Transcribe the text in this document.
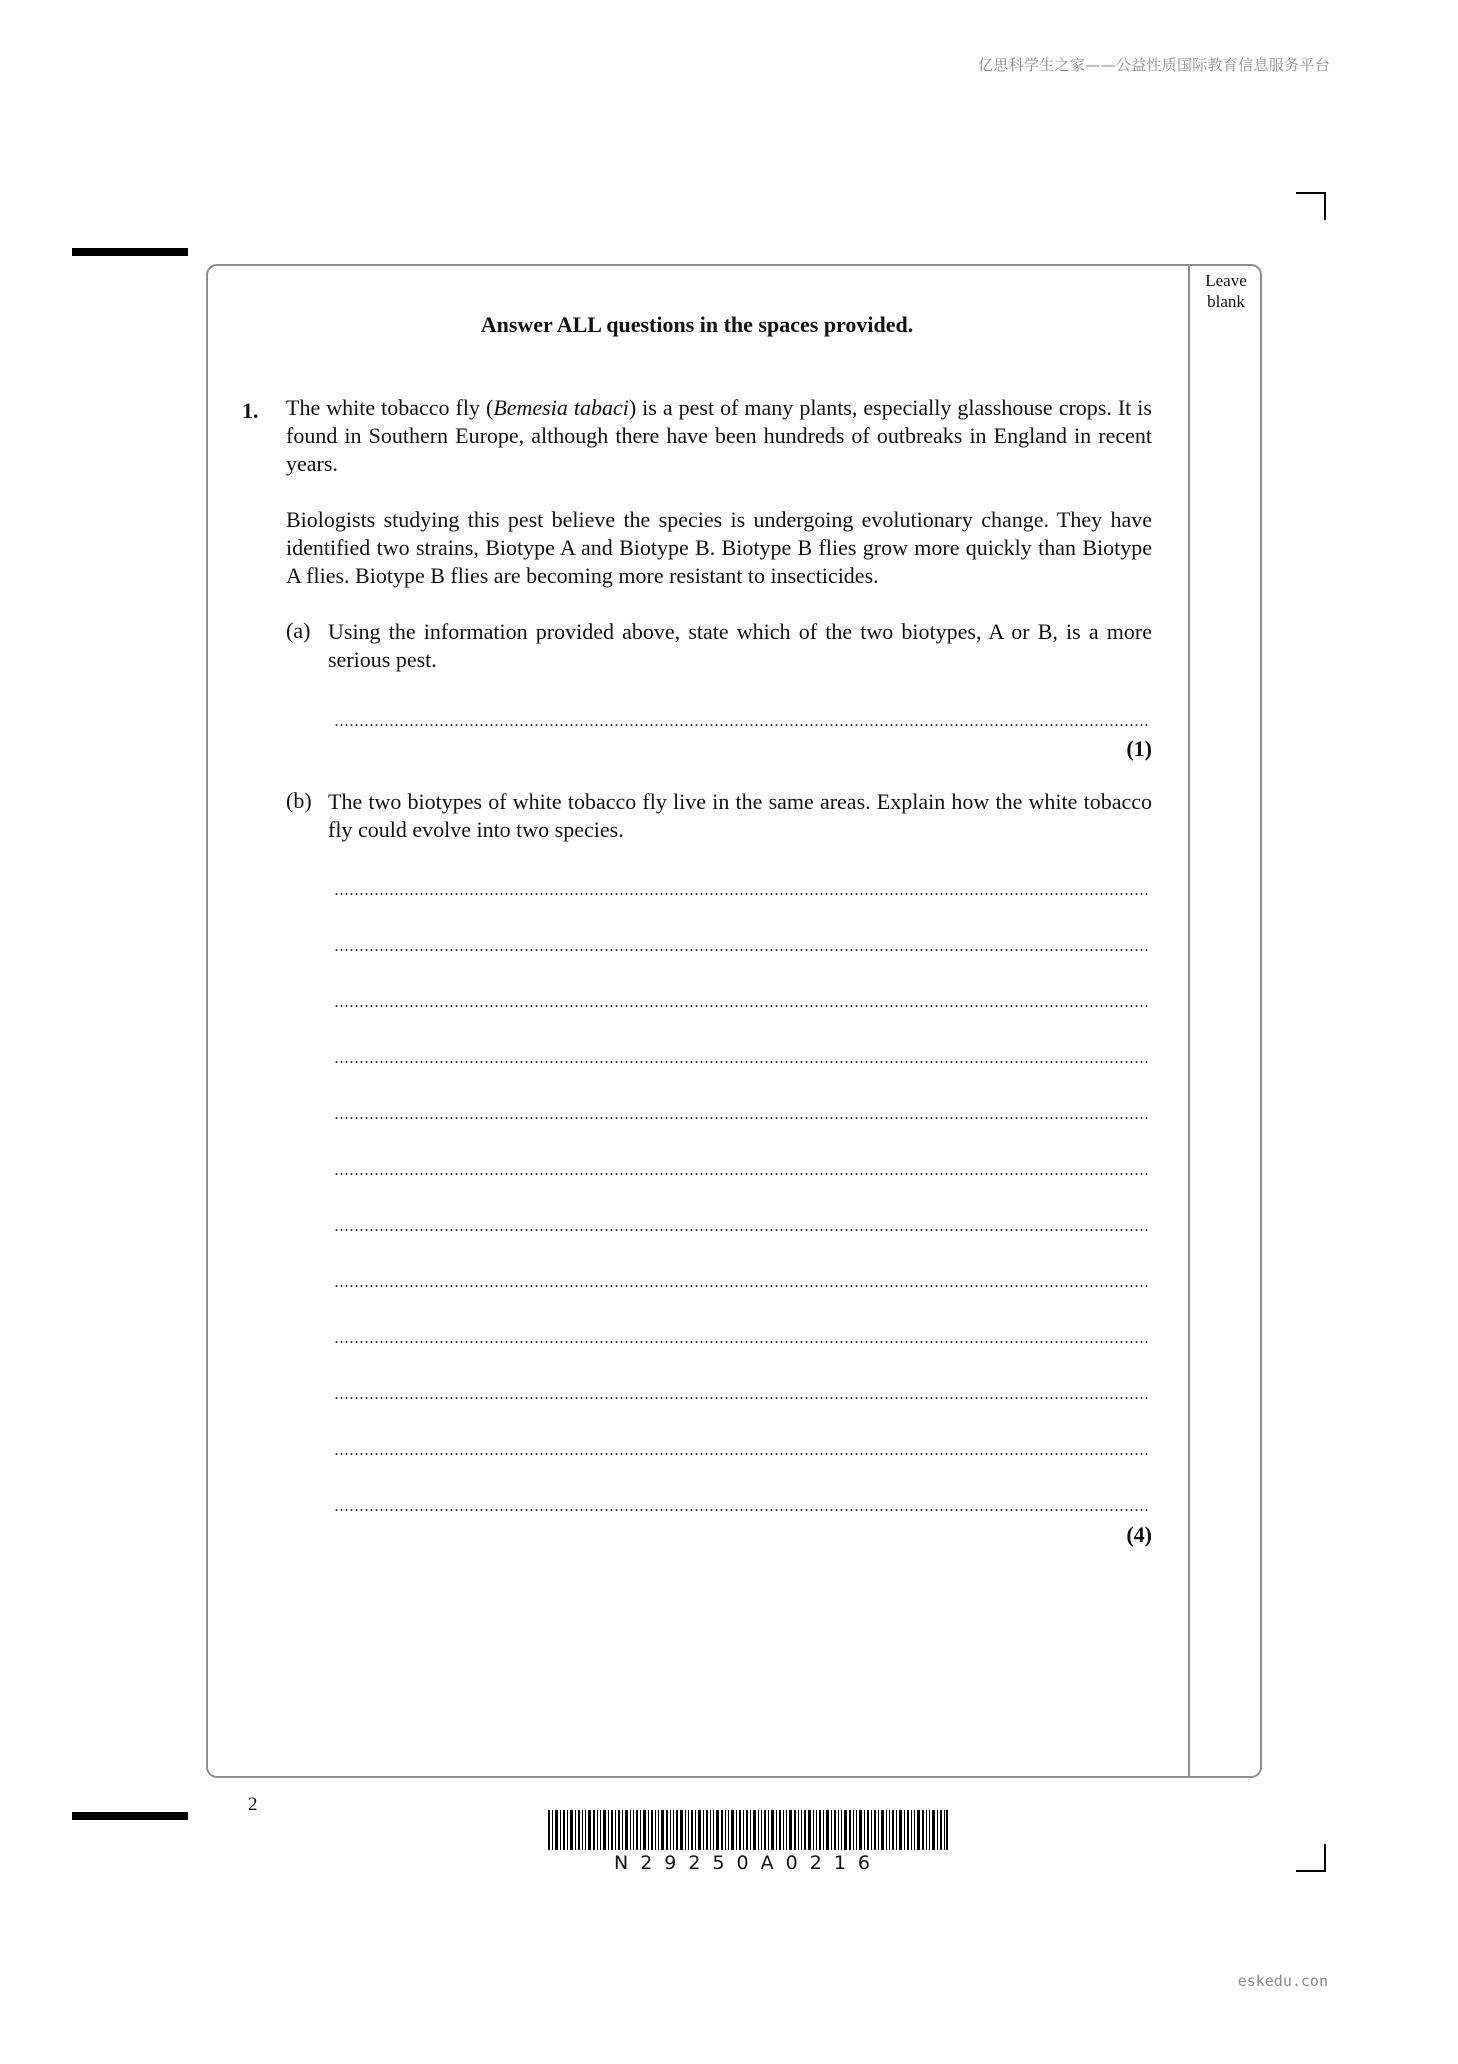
亿思科学生之家——公益性质国际教育信息服务平台
Leave blank
Answer ALL questions in the spaces provided.
1. The white tobacco fly (Bemesia tabaci) is a pest of many plants, especially glasshouse crops. It is found in Southern Europe, although there have been hundreds of outbreaks in England in recent years.

Biologists studying this pest believe the species is undergoing evolutionary change. They have identified two strains, Biotype A and Biotype B. Biotype B flies grow more quickly than Biotype A flies. Biotype B flies are becoming more resistant to insecticides.

(a) Using the information provided above, state which of the two biotypes, A or B, is a more serious pest.

(1)
(b) The two biotypes of white tobacco fly live in the same areas. Explain how the white tobacco fly could evolve into two species.

(4)
2
N29250A0216
eskedu.con
